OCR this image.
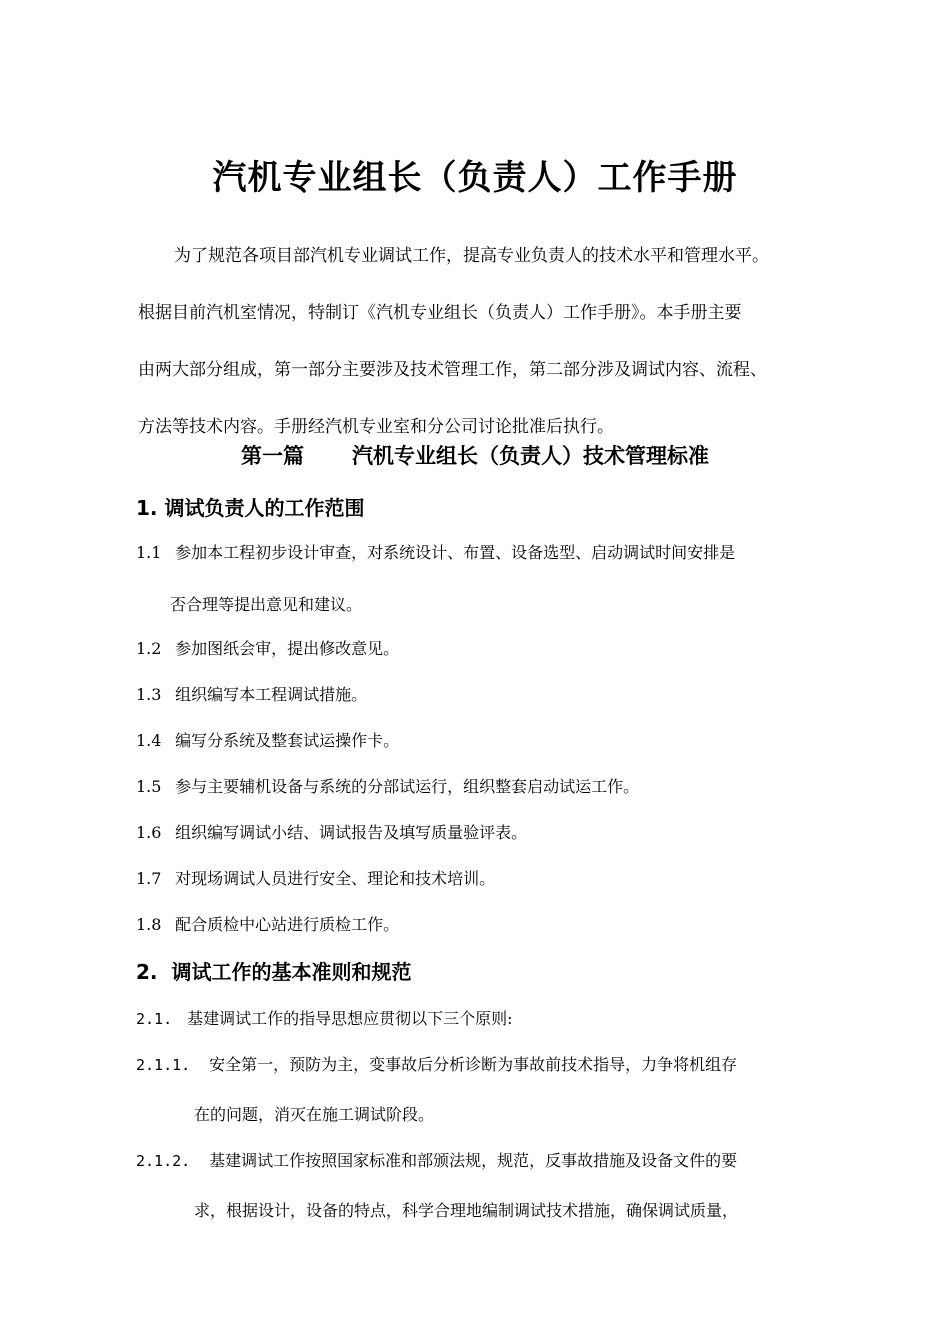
汽机专业组长（负责人）工作手册

为了规范各项目部汽机专业调试工作，提高专业负责人的技术水平和管理水平。

根据目前汽机室情况，特制订《汽机专业组长（负责人）工作手册》。本手册主要

由两大部分组成，第一部分主要涉及技术管理工作，第二部分涉及调试内容、流程、

方法等技术内容。手册经汽机专业室和分公司讨论批准后执行。

第一篇 汽机专业组长（负责人）技术管理标准
1. 调试负责人的工作范围
1.1 参加本工程初步设计审查，对系统设计、布置、设备选型、启动调试时间安排是
否合理等提出意见和建议。
1.2 参加图纸会审，提出修改意见。
1.3 组织编写本工程调试措施。
1.4 编写分系统及整套试运操作卡。
1.5 参与主要辅机设备与系统的分部试运行，组织整套启动试运工作。
1.6 组织编写调试小结、调试报告及填写质量验评表。
1.7 对现场调试人员进行安全、理论和技术培训。
1.8 配合质检中心站进行质检工作。
2.  调试工作的基本准则和规范
2.1. 基建调试工作的指导思想应贯彻以下三个原则:
2.1.1. 安全第一，预防为主，变事故后分析诊断为事故前技术指导，力争将机组存
在的问题，消灭在施工调试阶段。
2.1.2. 基建调试工作按照国家标准和部颁法规，规范，反事故措施及设备文件的要
求，根据设计，设备的特点，科学合理地编制调试技术措施，确保调试质量，
